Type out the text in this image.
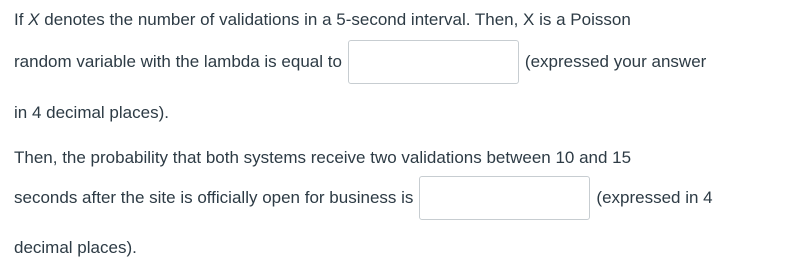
If X denotes the number of validations in a 5-second interval. Then, X is a Poisson
random variable with the lambda is equal to	(expressed your answer
in 4 decimal places).
Then, the probability that both systems receive two validations between 10 and 15
seconds after the site is officially open for business is	(expressed in 4
decimal places).
